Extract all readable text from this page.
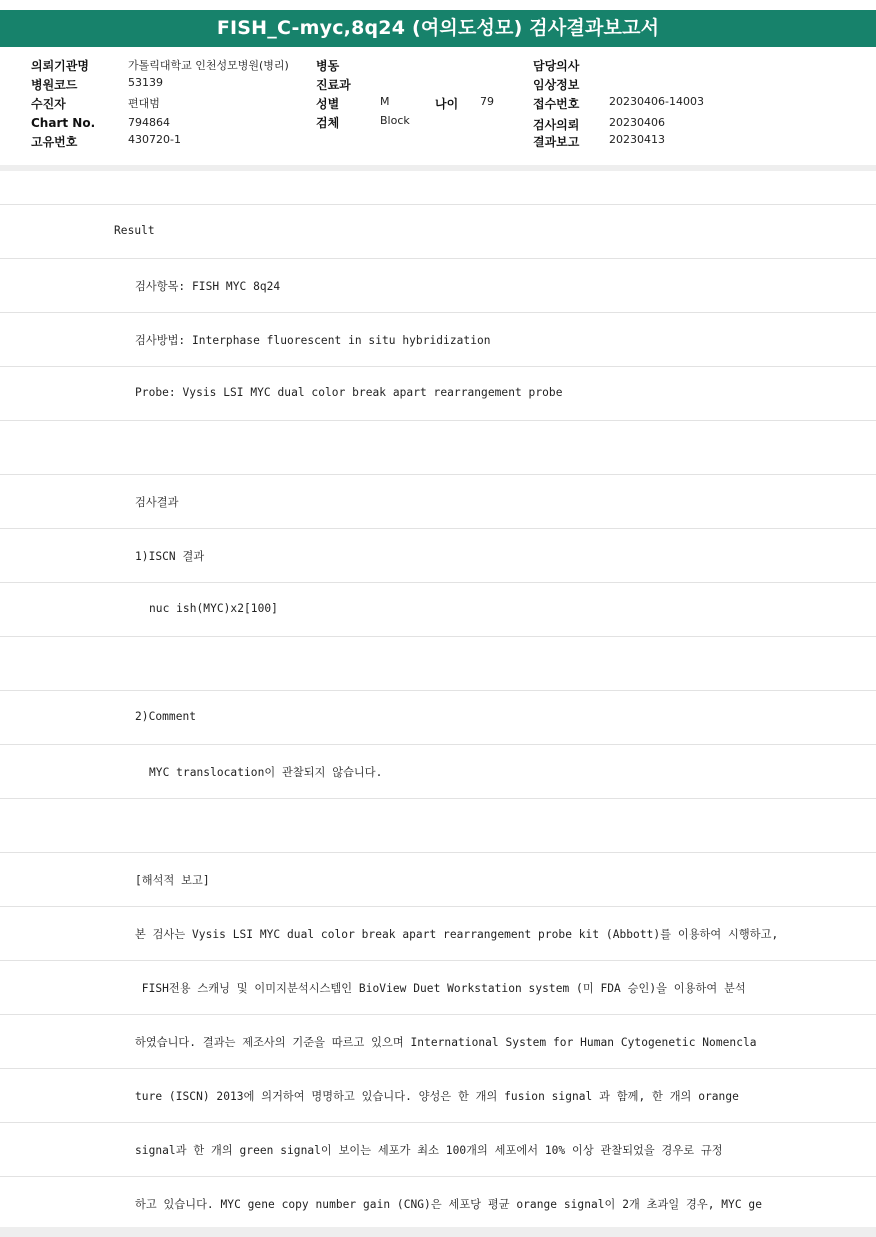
FISH_C-myc,8q24 (여의도성모) 검사결과보고서
의뢰기관명	가톨릭대학교 인천성모병원(병리)
병원코드	53139
수진자	편대범
Chart No.	794864
고유번호	430720-1
병동
진료과
성별	M	나이 79
검체	Block
담당의사
임상정보
접수번호	20230406-14003
검사의뢰	20230406
결과보고	20230413
Result
검사항목: FISH MYC 8q24
검사방법: Interphase fluorescent in situ hybridization
Probe: Vysis LSI MYC dual color break apart rearrangement probe
검사결과
1)ISCN 결과
nuc ish(MYC)x2[100]
2)Comment
MYC translocation이 관찰되지 않습니다.
[해석적 보고]
본 검사는 Vysis LSI MYC dual color break apart rearrangement probe kit (Abbott)를 이용하여 시행하고,
FISH전용 스캐닝 및 이미지분석시스템인 BioView Duet Workstation system (미 FDA 승인)을 이용하여 분석
하였습니다. 결과는 제조사의 기준을 따르고 있으며 International System for Human Cytogenetic Nomencla
ture (ISCN) 2013에 의거하여 명명하고 있습니다. 양성은 한 개의 fusion signal 과 함께, 한 개의 orange
signal과 한 개의 green signal이 보이는 세포가 최소 100개의 세포에서 10% 이상 관찰되었을 경우로 규정
하고 있습니다. MYC gene copy number gain (CNG)은 세포당 평균 orange signal이 2개 초과일 경우, MYC ge
